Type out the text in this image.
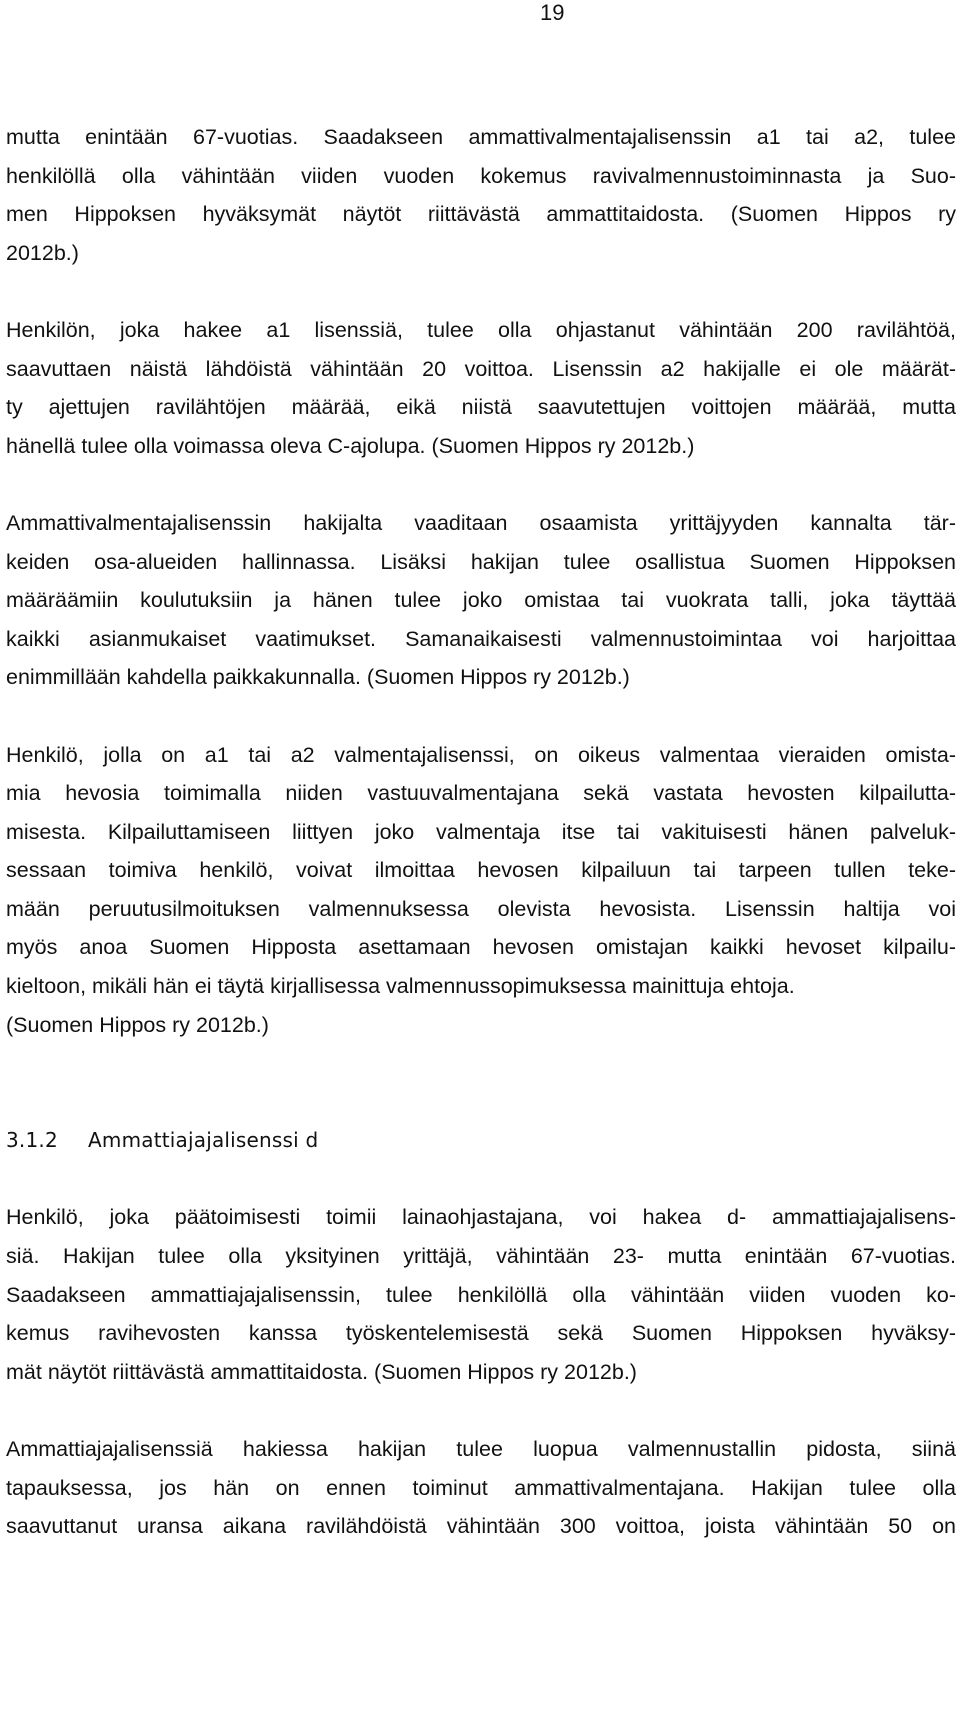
19
mutta enintään 67-vuotias. Saadakseen ammattivalmentajalisenssin a1 tai a2, tulee
henkilöllä olla vähintään viiden vuoden kokemus ravivalmennustoiminnasta ja Suo-
men Hippoksen hyväksymät näytöt riittävästä ammattitaidosta. (Suomen Hippos ry
2012b.)
Henkilön, joka hakee a1 lisenssiä, tulee olla ohjastanut vähintään 200 ravilähtöä,
saavuttaen näistä lähdöistä vähintään 20 voittoa. Lisenssin a2 hakijalle ei ole määrät-
ty ajettujen ravilähtöjen määrää, eikä niistä saavutettujen voittojen määrää, mutta
hänellä tulee olla voimassa oleva C-ajolupa. (Suomen Hippos ry 2012b.)
Ammattivalmentajalisenssin hakijalta vaaditaan osaamista yrittäjyyden kannalta tär-
keiden osa-alueiden hallinnassa. Lisäksi hakijan tulee osallistua Suomen Hippoksen
määräämiin koulutuksiin ja hänen tulee joko omistaa tai vuokrata talli, joka täyttää
kaikki asianmukaiset vaatimukset. Samanaikaisesti valmennustoimintaa voi harjoittaa
enimmillään kahdella paikkakunnalla. (Suomen Hippos ry 2012b.)
Henkilö, jolla on a1 tai a2 valmentajalisenssi, on oikeus valmentaa vieraiden omista-
mia hevosia toimimalla niiden vastuuvalmentajana sekä vastata hevosten kilpailutta-
misesta. Kilpailuttamiseen liittyen joko valmentaja itse tai vakituisesti hänen palveluk-
sessaan toimiva henkilö, voivat ilmoittaa hevosen kilpailuun tai tarpeen tullen teke-
mään peruutusilmoituksen valmennuksessa olevista hevosista. Lisenssin haltija voi
myös anoa Suomen Hipposta asettamaan hevosen omistajan kaikki hevoset kilpailu-
kieltoon, mikäli hän ei täytä kirjallisessa valmennussopimuksessa mainittuja ehtoja.
(Suomen Hippos ry 2012b.)
3.1.2 Ammattiajajalisenssi d
Henkilö, joka päätoimisesti toimii lainaohjastajana, voi hakea d- ammattiajajalisens-
siä. Hakijan tulee olla yksityinen yrittäjä, vähintään 23- mutta enintään 67-vuotias.
Saadakseen ammattiajajalisenssin, tulee henkilöllä olla vähintään viiden vuoden ko-
kemus ravihevosten kanssa työskentelemisestä sekä Suomen Hippoksen hyväksy-
mät näytöt riittävästä ammattitaidosta. (Suomen Hippos ry 2012b.)
Ammattiajajalisenssiä hakiessa hakijan tulee luopua valmennustallin pidosta, siinä
tapauksessa, jos hän on ennen toiminut ammattivalmentajana. Hakijan tulee olla
saavuttanut uransa aikana ravilähdöistä vähintään 300 voittoa, joista vähintään 50 on
